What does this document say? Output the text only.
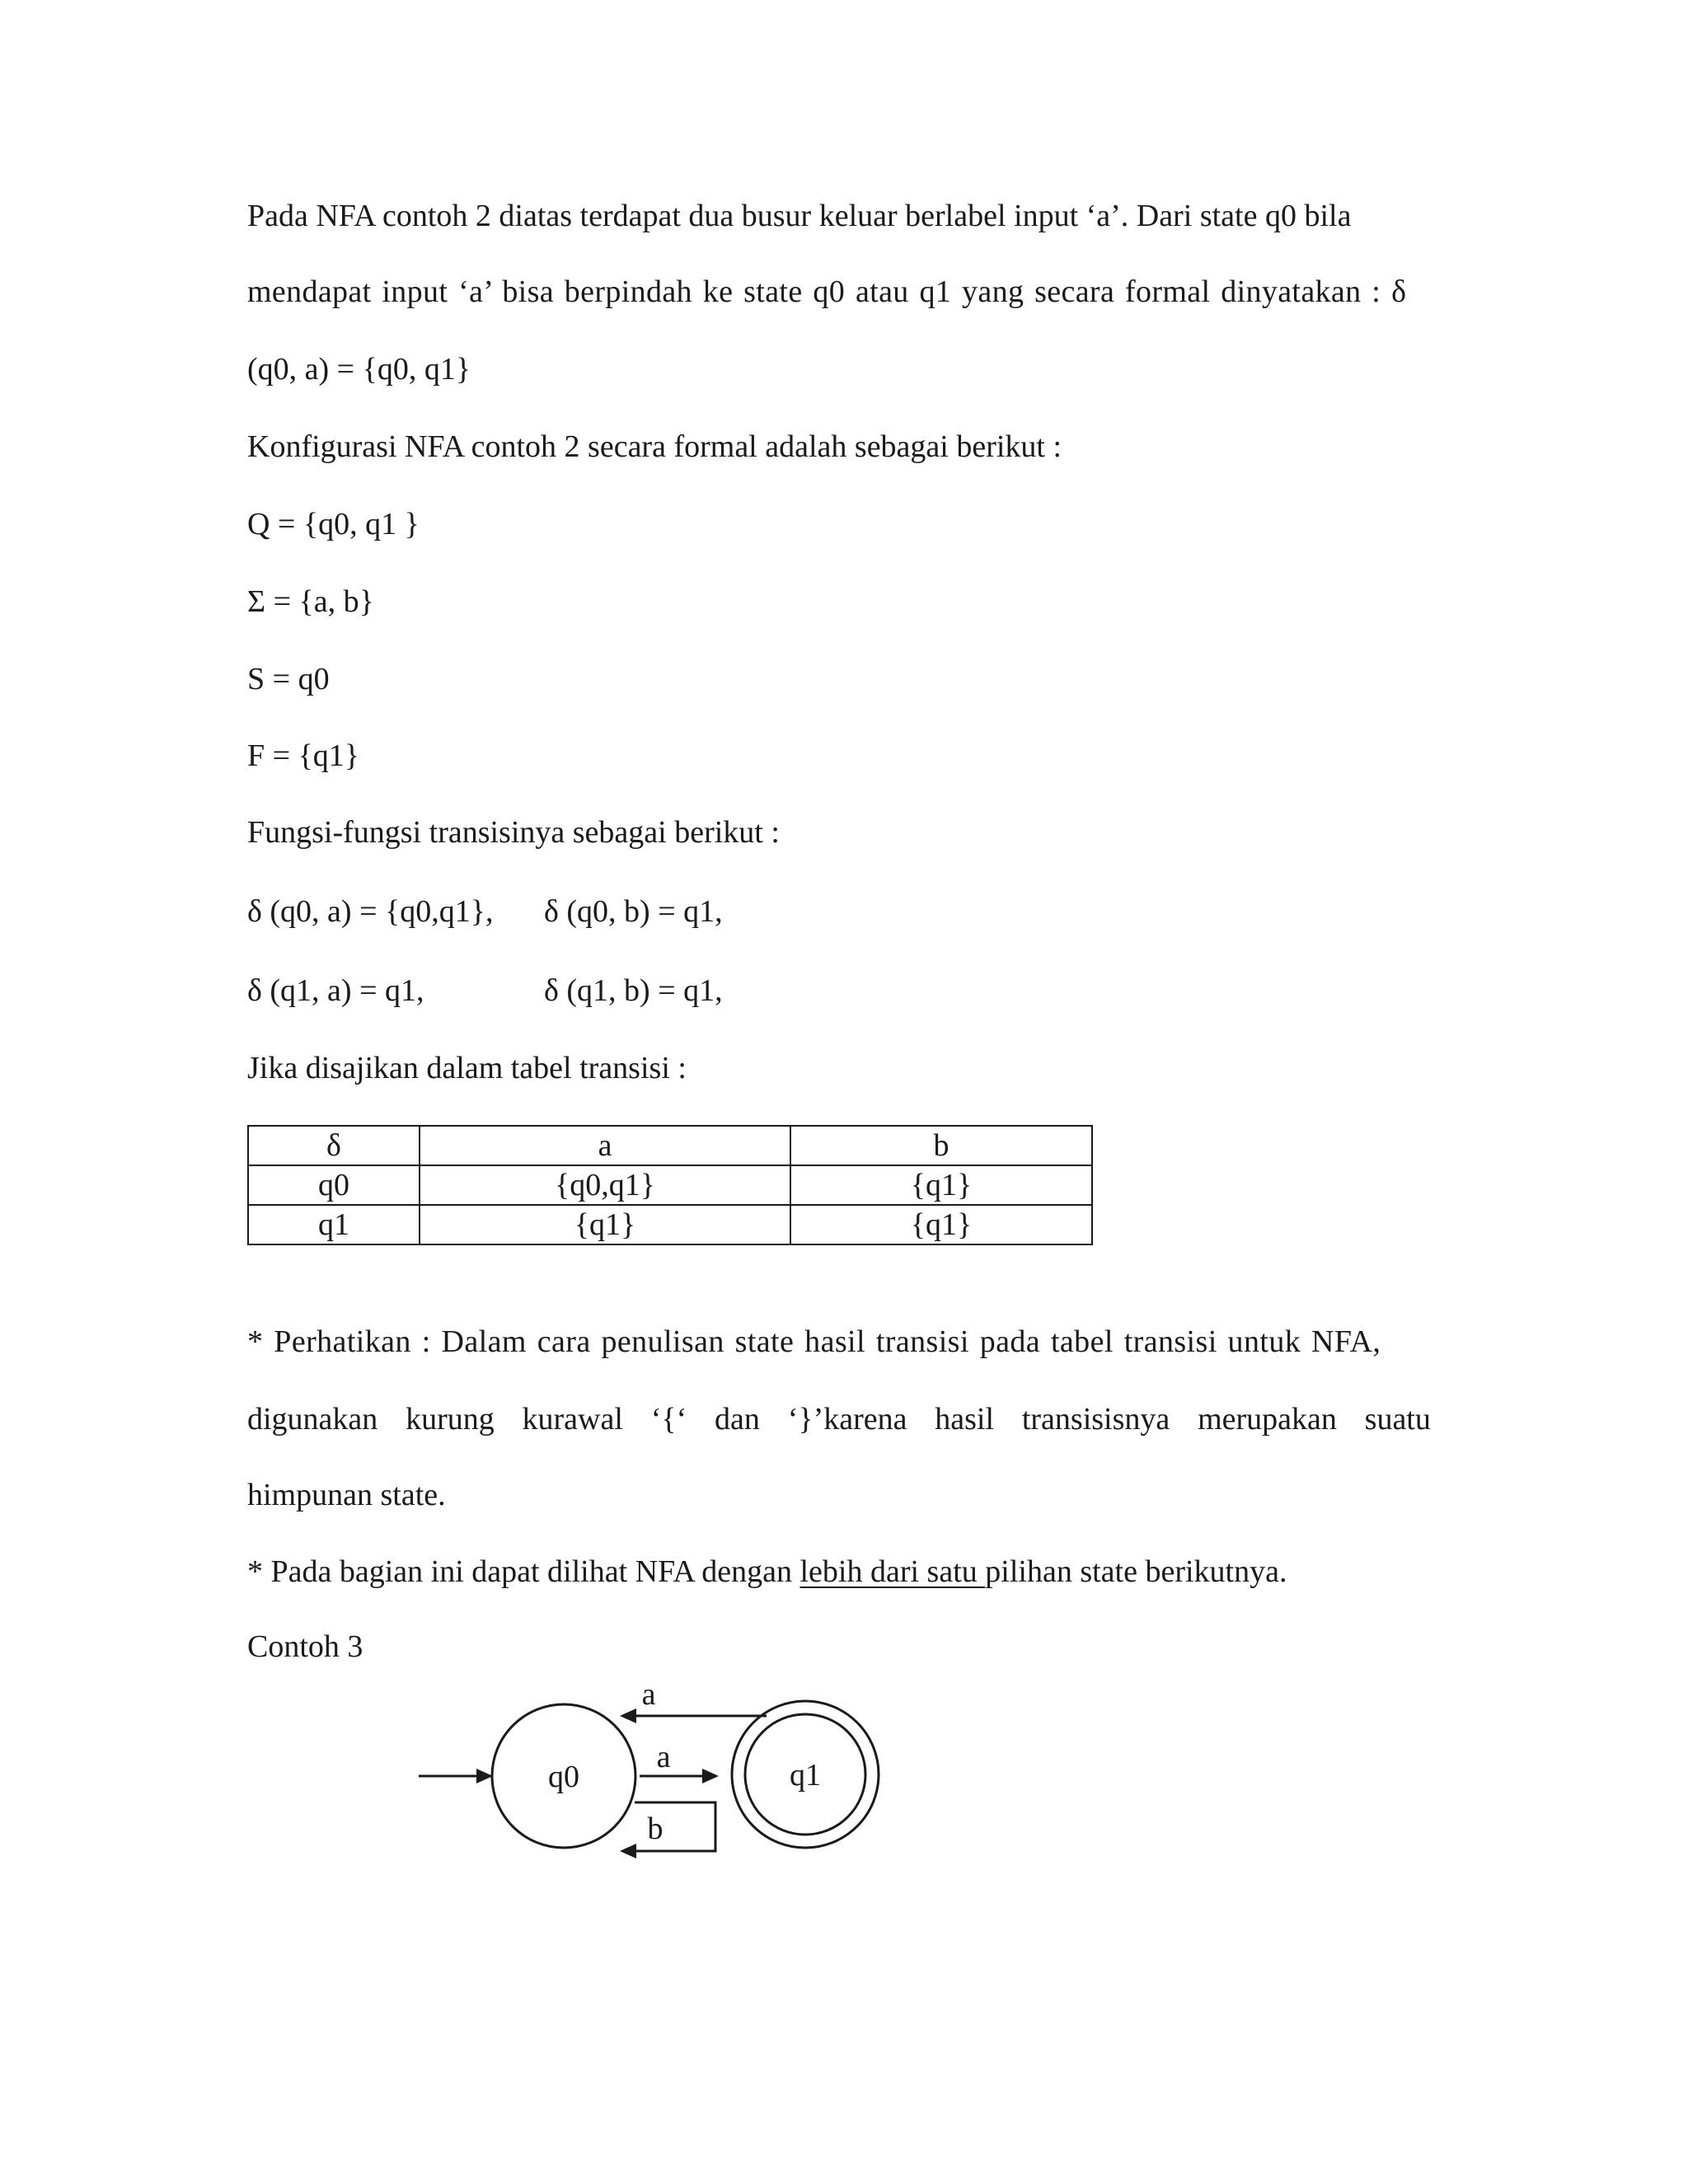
Pada NFA contoh 2 diatas terdapat dua busur keluar berlabel input ‘a’. Dari state q0 bila

mendapat input ‘a’ bisa berpindah ke state q0 atau q1 yang secara formal dinyatakan : δ

(q0, a) = {q0, q1}

Konfigurasi NFA contoh 2 secara formal adalah sebagai berikut :

Q = {q0, q1 }

Σ = {a, b}

S = q0

F = {q1}

Fungsi-fungsi transisinya sebagai berikut :

δ (q0, a) = {q0,q1}, δ (q0, b) = q1,

δ (q1, a) = q1,	δ (q1, b) = q1,

Jika disajikan dalam tabel transisi :

δ	a	b
q0	{q0,q1}	{q1}
q1	{q1}	{q1}

* Perhatikan : Dalam cara penulisan state hasil transisi pada tabel transisi untuk NFA,

digunakan kurung kurawal ‘{‘ dan ‘}’karena hasil transisisnya merupakan suatu

himpunan state.

* Pada bagian ini dapat dilihat NFA dengan lebih dari satu pilihan state berikutnya.

Contoh 3

q0	q1
a
a
b
